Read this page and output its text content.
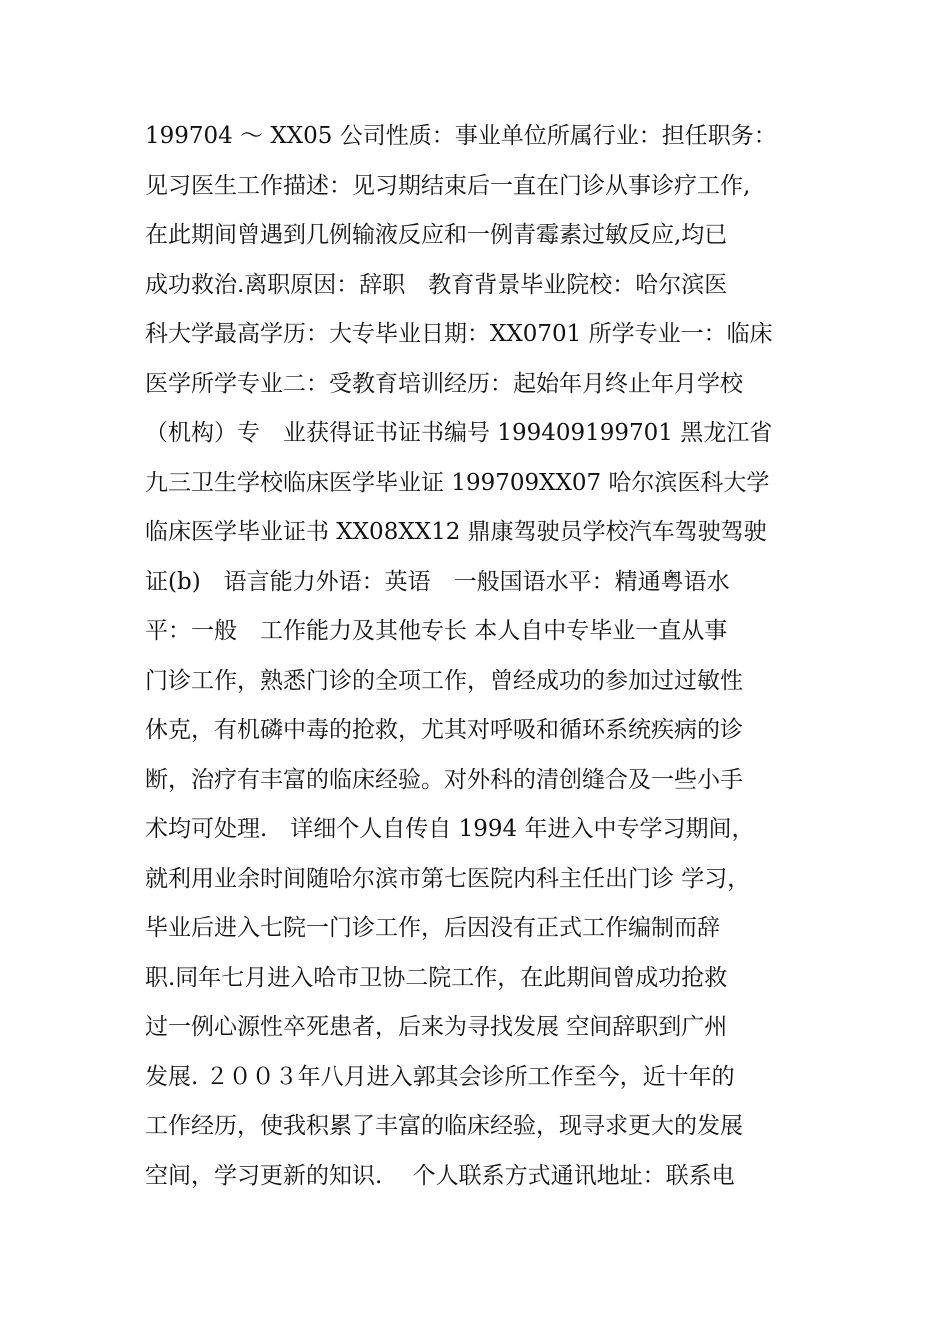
199704 ～ XX05 公司性质：事业单位所属行业：担任职务：
见习医生工作描述：见习期结束后一直在门诊从事诊疗工作,
在此期间曾遇到几例输液反应和一例青霉素过敏反应,均已
成功救治.离职原因：辞职　教育背景毕业院校：哈尔滨医
科大学最高学历：大专毕业日期：XX0701 所学专业一：临床
医学所学专业二：受教育培训经历：起始年月终止年月学校
（机构）专　业获得证书证书编号 199409199701 黑龙江省
九三卫生学校临床医学毕业证 199709XX07 哈尔滨医科大学
临床医学毕业证书 XX08XX12 鼎康驾驶员学校汽车驾驶驾驶
证(b)　语言能力外语：英语　一般国语水平：精通粤语水
平：一般　工作能力及其他专长 本人自中专毕业一直从事
门诊工作，熟悉门诊的全项工作，曾经成功的参加过过敏性
休克，有机磷中毒的抢救，尤其对呼吸和循环系统疾病的诊
断，治疗有丰富的临床经验。对外科的清创缝合及一些小手
术均可处理.　详细个人自传自 1994 年进入中专学习期间，
就利用业余时间随哈尔滨市第七医院内科主任出门诊 学习，
毕业后进入七院一门诊工作，后因没有正式工作编制而辞
职.同年七月进入哈市卫协二院工作，在此期间曾成功抢救
过一例心源性卒死患者，后来为寻找发展 空间辞职到广州
发展. ２００３年八月进入郭其会诊所工作至今，近十年的
工作经历，使我积累了丰富的临床经验，现寻求更大的发展
空间，学习更新的知识.　 个人联系方式通讯地址：联系电
